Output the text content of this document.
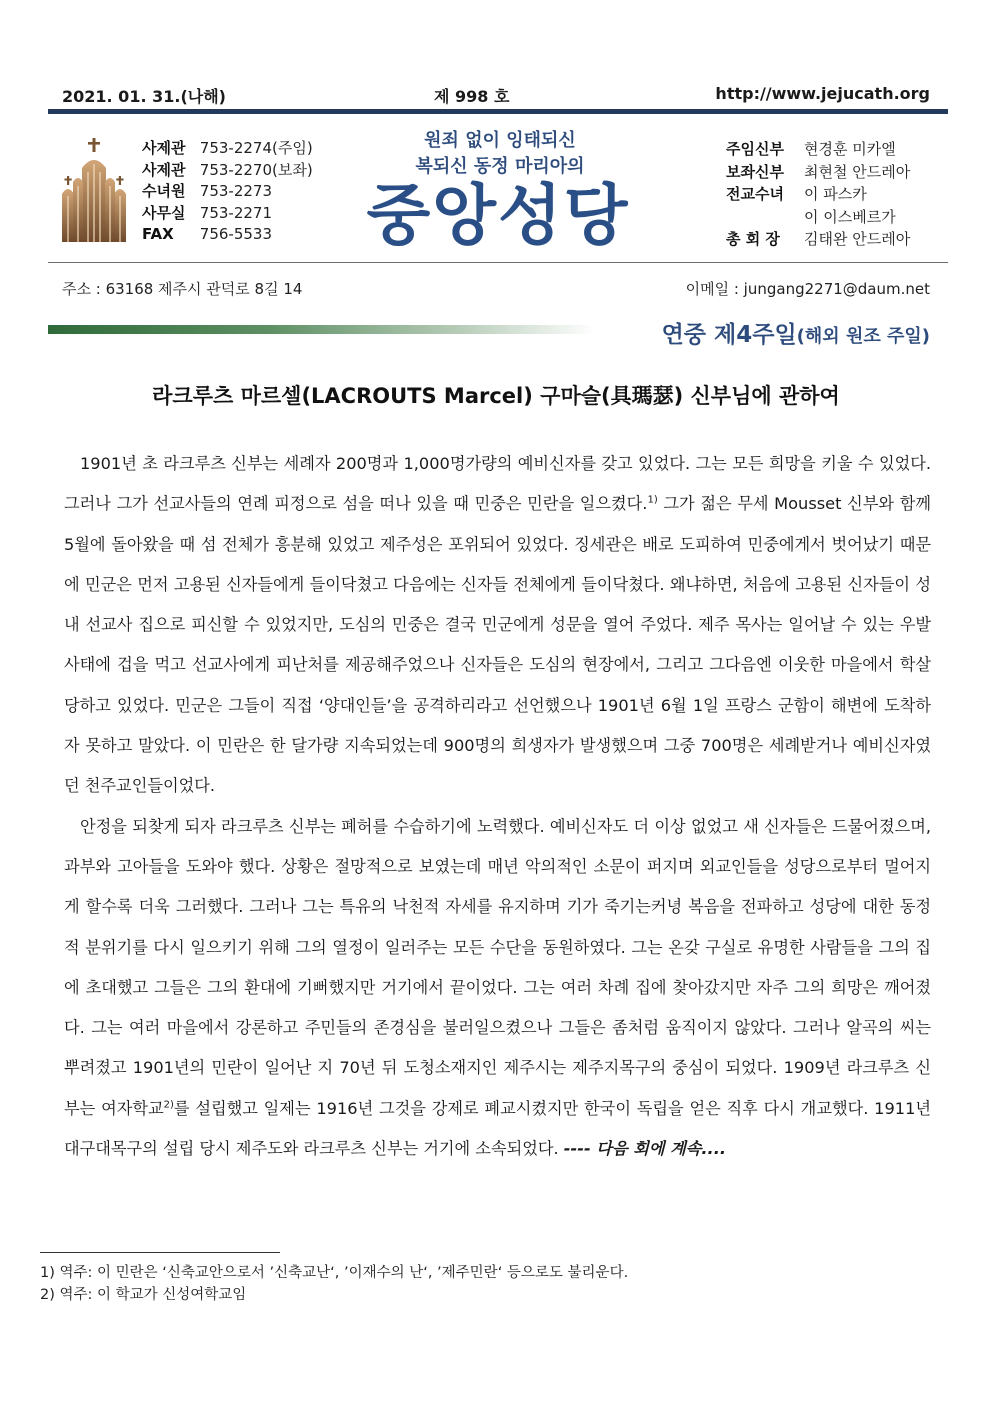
2021. 01. 31.(나해)	제 998 호	http://www.jejucath.org
사제관 753-2274(주임)
사제관 753-2270(보좌)
수녀원 753-2273
사무실 753-2271
FAX 756-5533
원죄 없이 잉태되신
복되신 동정 마리아의
중앙성당
주임신부 현경훈 미카엘
보좌신부 최현철 안드레아
전교수녀 이 파스카
이 이스베르가
총 회 장 김태완 안드레아
주소 : 63168 제주시 관덕로 8길 14	이메일 : jungang2271@daum.net
연중 제4주일(해외 원조 주일)
라크루츠 마르셀(LACROUTS Marcel) 구마슬(具瑪瑟) 신부님에 관하여

1901년 초 라크루츠 신부는 세례자 200명과 1,000명가량의 예비신자를 갖고 있었다. 그는 모든 희망을 키울 수 있었다. 그러나 그가 선교사들의 연례 피정으로 섬을 떠나 있을 때 민중은 민란을 일으켰다.$^{1)}$ 그가 젊은 무세 Mousset 신부와 함께 5월에 돌아왔을 때 섬 전체가 흥분해 있었고 제주성은 포위되어 있었다. 징세관은 배로 도피하여 민중에게서 벗어났기 때문에 민군은 먼저 고용된 신자들에게 들이닥쳤고 다음에는 신자들 전체에게 들이닥쳤다. 왜냐하면, 처음에 고용된 신자들이 성내 선교사 집으로 피신할 수 있었지만, 도심의 민중은 결국 민군에게 성문을 열어 주었다. 제주 목사는 일어날 수 있는 우발사태에 겁을 먹고 선교사에게 피난처를 제공해주었으나 신자들은 도심의 현장에서, 그리고 그다음엔 이웃한 마을에서 학살당하고 있었다. 민군은 그들이 직접 ‘양대인들’을 공격하리라고 선언했으나 1901년 6월 1일 프랑스 군함이 해변에 도착하자 못하고 말았다. 이 민란은 한 달가량 지속되었는데 900명의 희생자가 발생했으며 그중 700명은 세례받거나 예비신자였던 천주교인들이었다.

안정을 되찾게 되자 라크루츠 신부는 폐허를 수습하기에 노력했다. 예비신자도 더 이상 없었고 새 신자들은 드물어졌으며, 과부와 고아들을 도와야 했다. 상황은 절망적으로 보였는데 매년 악의적인 소문이 퍼지며 외교인들을 성당으로부터 멀어지게 할수록 더욱 그러했다. 그러나 그는 특유의 낙천적 자세를 유지하며 기가 죽기는커녕 복음을 전파하고 성당에 대한 동정적 분위기를 다시 일으키기 위해 그의 열정이 일러주는 모든 수단을 동원하였다. 그는 온갖 구실로 유명한 사람들을 그의 집에 초대했고 그들은 그의 환대에 기뻐했지만 거기에서 끝이었다. 그는 여러 차례 집에 찾아갔지만 자주 그의 희망은 깨어졌다. 그는 여러 마을에서 강론하고 주민들의 존경심을 불러일으켰으나 그들은 좀처럼 움직이지 않았다. 그러나 알곡의 씨는 뿌려졌고 1901년의 민란이 일어난 지 70년 뒤 도청소재지인 제주시는 제주지목구의 중심이 되었다. 1909년 라크루츠 신부는 여자학교$^{2)}$를 설립했고 일제는 1916년 그것을 강제로 폐교시켰지만 한국이 독립을 얻은 직후 다시 개교했다. 1911년 대구대목구의 설립 당시 제주도와 라크루츠 신부는 거기에 소속되었다. ---- 다음 회에 계속....

1) 역주: 이 민란은 ‘신축교안으로서 ’신축교난‘, ’이재수의 난‘, ’제주민란‘ 등으로도 불리운다.
2) 역주: 이 학교가 신성여학교임
